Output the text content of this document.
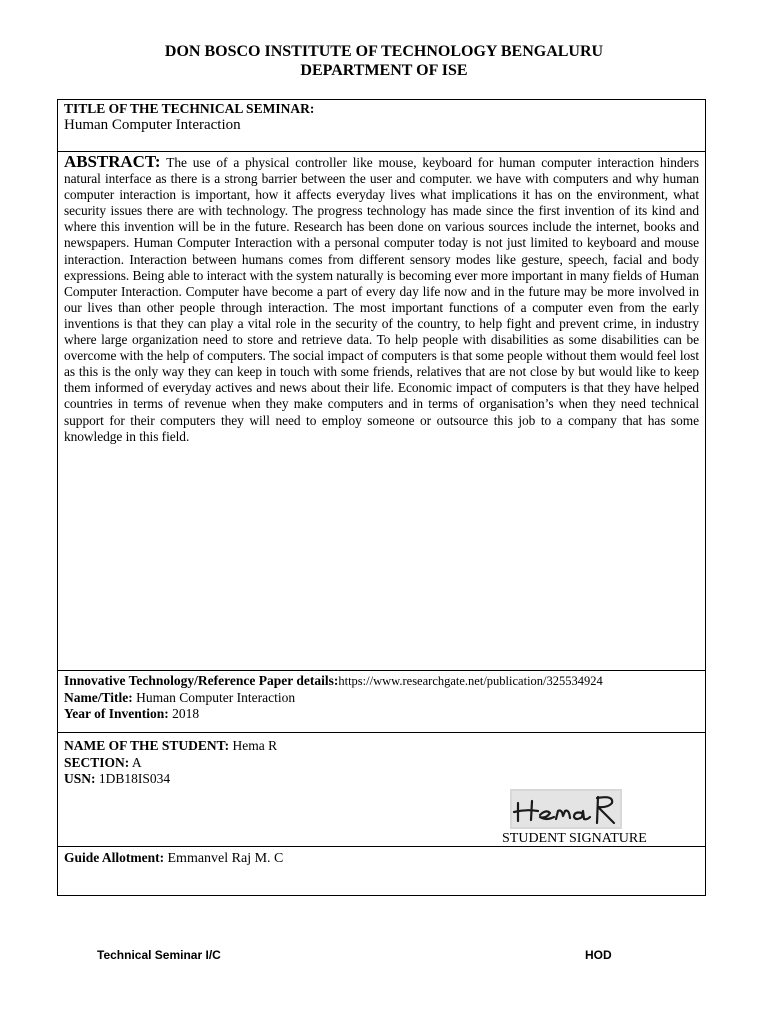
DON BOSCO INSTITUTE OF TECHNOLOGY BENGALURU
DEPARTMENT OF ISE
TITLE OF THE TECHNICAL SEMINAR:
Human Computer Interaction

ABSTRACT: The use of a physical controller like mouse, keyboard for human computer interaction hinders natural interface as there is a strong barrier between the user and computer. we have with computers and why human computer interaction is important, how it affects everyday lives what implications it has on the environment, what security issues there are with technology. The progress technology has made since the first invention of its kind and where this invention will be in the future. Research has been done on various sources include the internet, books and newspapers. Human Computer Interaction with a personal computer today is not just limited to keyboard and mouse interaction. Interaction between humans comes from different sensory modes like gesture, speech, facial and body expressions. Being able to interact with the system naturally is becoming ever more important in many fields of Human Computer Interaction. Computer have become a part of every day life now and in the future may be more involved in our lives than other people through interaction. The most important functions of a computer even from the early inventions is that they can play a vital role in the security of the country, to help fight and prevent crime, in industry where large organization need to store and retrieve data. To help people with disabilities as some disabilities can be overcome with the help of computers. The social impact of computers is that some people without them would feel lost as this is the only way they can keep in touch with some friends, relatives that are not close by but would like to keep them informed of everyday actives and news about their life. Economic impact of computers is that they have helped countries in terms of revenue when they make computers and in terms of organisation’s when they need technical support for their computers they will need to employ someone or outsource this job to a company that has some knowledge in this field.

Innovative Technology/Reference Paper details:https://www.researchgate.net/publication/325534924
Name/Title: Human Computer Interaction
Year of Invention: 2018
NAME OF THE STUDENT: Hema R
SECTION: A
USN: 1DB18IS034
STUDENT SIGNATURE
Guide Allotment: Emmanvel Raj M. C
Technical Seminar I/C	HOD
